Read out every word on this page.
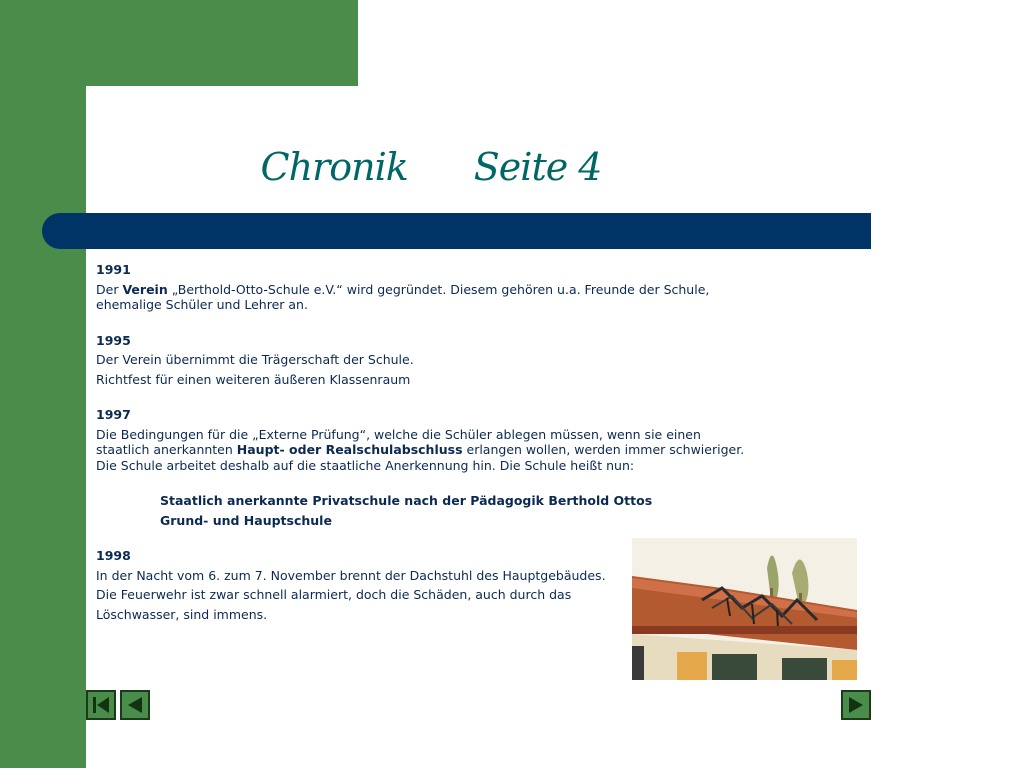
Chronik Seite 4

1991

Der Verein „Berthold-Otto-Schule e.V.“ wird gegründet. Diesem gehören u.a. Freunde der Schule,
ehemalige Schüler und Lehrer an.

1995

Der Verein übernimmt die Trägerschaft der Schule.

Richtfest für einen weiteren äußeren Klassenraum

1997

Die Bedingungen für die „Externe Prüfung“, welche die Schüler ablegen müssen, wenn sie einen
staatlich anerkannten Haupt- oder Realschulabschluss erlangen wollen, werden immer schwieriger.
Die Schule arbeitet deshalb auf die staatliche Anerkennung hin. Die Schule heißt nun:

Staatlich anerkannte Privatschule nach der Pädagogik Berthold Ottos

Grund- und Hauptschule

1998

In der Nacht vom 6. zum 7. November brennt der Dachstuhl des Hauptgebäudes.

Die Feuerwehr ist zwar schnell alarmiert, doch die Schäden, auch durch das

Löschwasser, sind immens.
